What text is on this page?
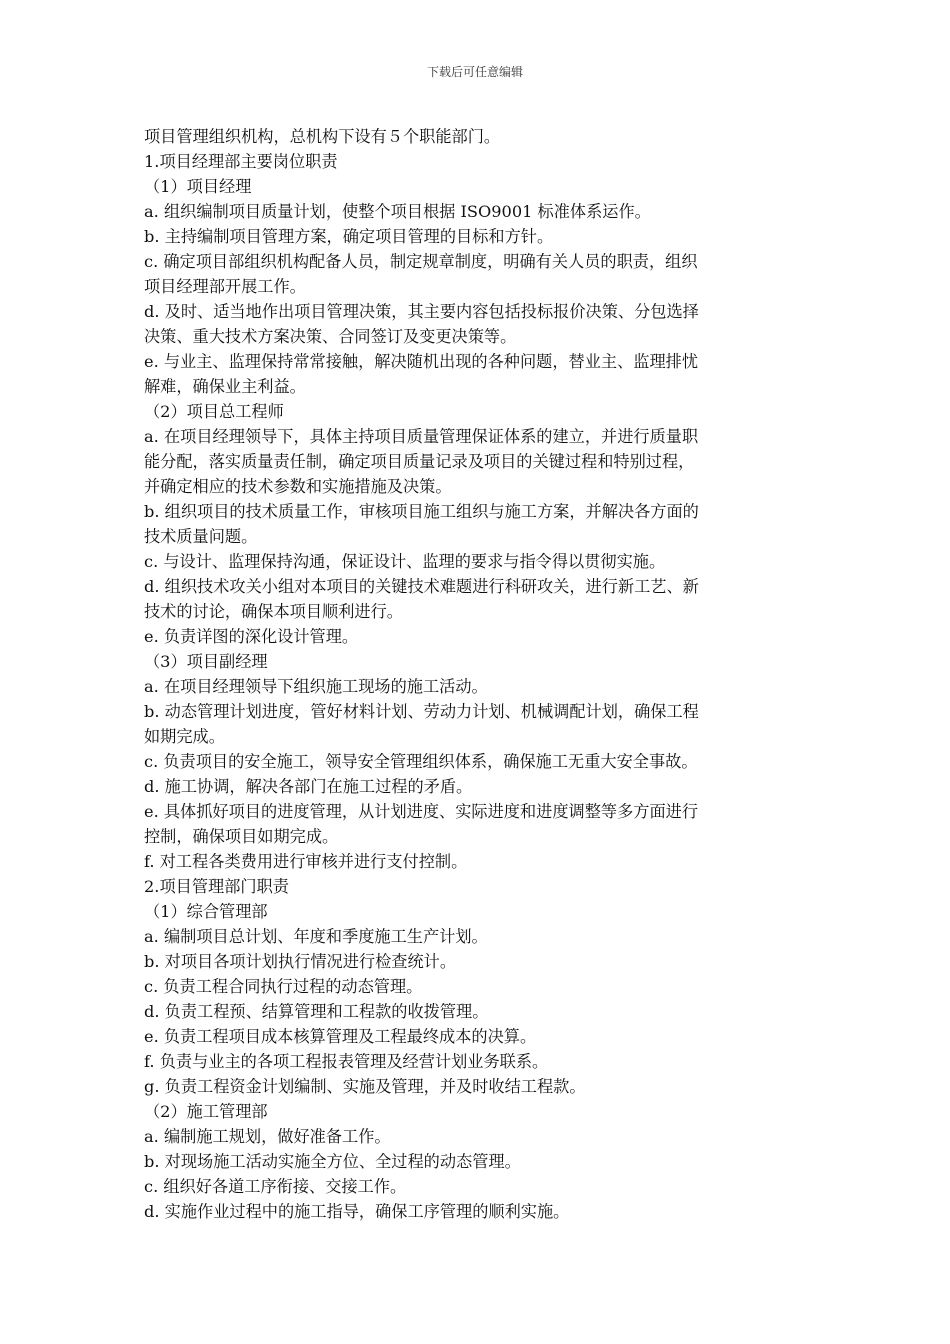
下载后可任意编辑
项目管理组织机构，总机构下设有５个职能部门。
1.项目经理部主要岗位职责
（1）项目经理
a. 组织编制项目质量计划，使整个项目根据 ISO9001 标准体系运作。
b. 主持编制项目管理方案，确定项目管理的目标和方针。
c. 确定项目部组织机构配备人员，制定规章制度，明确有关人员的职责，组织
项目经理部开展工作。
d. 及时、适当地作出项目管理决策，其主要内容包括投标报价决策、分包选择
决策、重大技术方案决策、合同签订及变更决策等。
e. 与业主、监理保持常常接触，解决随机出现的各种问题，替业主、监理排忧
解难，确保业主利益。
（2）项目总工程师
a. 在项目经理领导下，具体主持项目质量管理保证体系的建立，并进行质量职
能分配，落实质量责任制，确定项目质量记录及项目的关键过程和特别过程，
并确定相应的技术参数和实施措施及决策。
b. 组织项目的技术质量工作，审核项目施工组织与施工方案，并解决各方面的
技术质量问题。
c. 与设计、监理保持沟通，保证设计、监理的要求与指令得以贯彻实施。
d. 组织技术攻关小组对本项目的关键技术难题进行科研攻关，进行新工艺、新
技术的讨论，确保本项目顺利进行。
e. 负责详图的深化设计管理。
（3）项目副经理
a. 在项目经理领导下组织施工现场的施工活动。
b. 动态管理计划进度，管好材料计划、劳动力计划、机械调配计划，确保工程
如期完成。
c. 负责项目的安全施工，领导安全管理组织体系，确保施工无重大安全事故。
d. 施工协调，解决各部门在施工过程的矛盾。
e. 具体抓好项目的进度管理，从计划进度、实际进度和进度调整等多方面进行
控制，确保项目如期完成。
f. 对工程各类费用进行审核并进行支付控制。
2.项目管理部门职责
（1）综合管理部
a. 编制项目总计划、年度和季度施工生产计划。
b. 对项目各项计划执行情况进行检查统计。
c. 负责工程合同执行过程的动态管理。
d. 负责工程预、结算管理和工程款的收拨管理。
e. 负责工程项目成本核算管理及工程最终成本的决算。
f. 负责与业主的各项工程报表管理及经营计划业务联系。
g. 负责工程资金计划编制、实施及管理，并及时收结工程款。
（2）施工管理部
a. 编制施工规划，做好准备工作。
b. 对现场施工活动实施全方位、全过程的动态管理。
c. 组织好各道工序衔接、交接工作。
d. 实施作业过程中的施工指导，确保工序管理的顺利实施。
